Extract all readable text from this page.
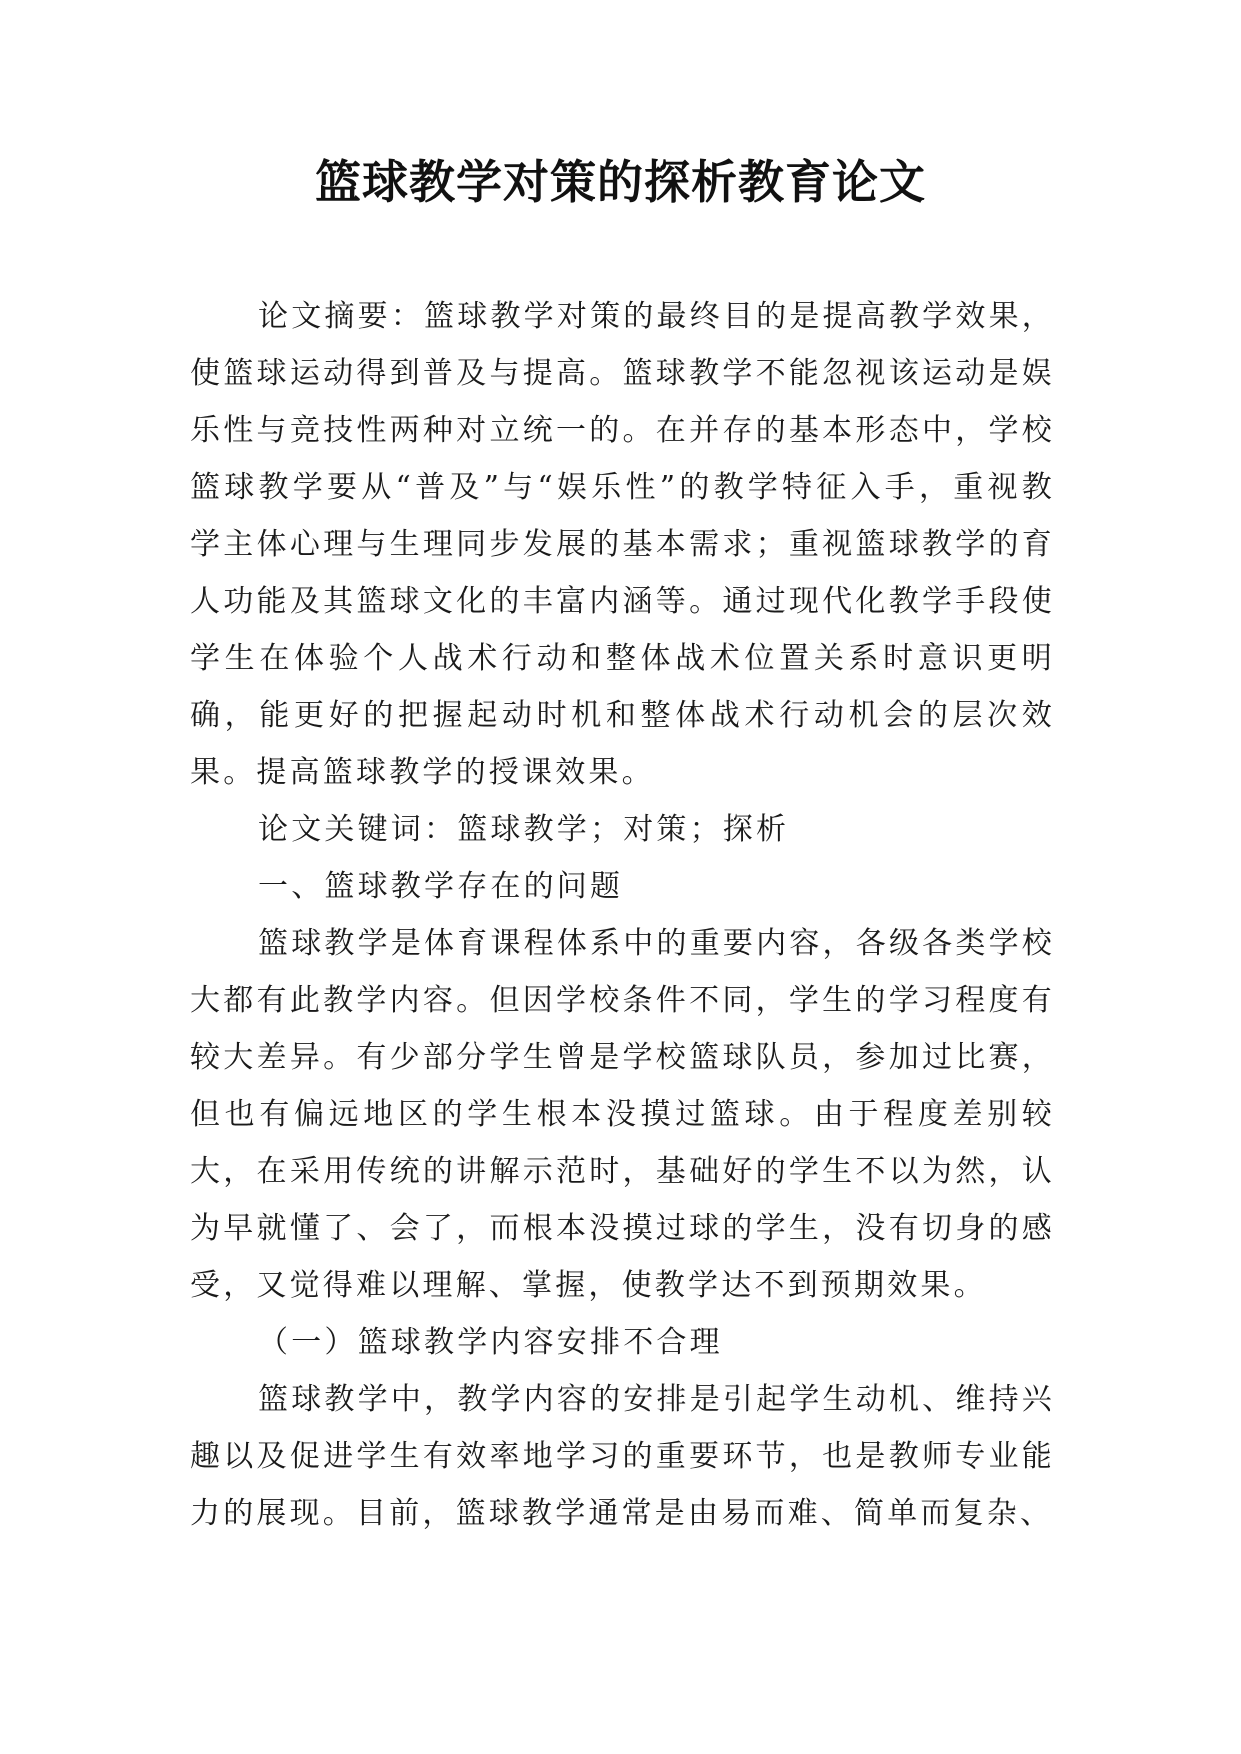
篮球教学对策的探析教育论文

论文摘要：篮球教学对策的最终目的是提高教学效果，使篮球运动得到普及与提高。篮球教学不能忽视该运动是娱乐性与竞技性两种对立统一的。在并存的基本形态中，学校篮球教学要从“普及”与“娱乐性”的教学特征入手，重视教学主体心理与生理同步发展的基本需求；重视篮球教学的育人功能及其篮球文化的丰富内涵等。通过现代化教学手段使学生在体验个人战术行动和整体战术位置关系时意识更明确，能更好的把握起动时机和整体战术行动机会的层次效果。提高篮球教学的授课效果。

论文关键词：篮球教学；对策；探析

一、篮球教学存在的问题

篮球教学是体育课程体系中的重要内容，各级各类学校大都有此教学内容。但因学校条件不同，学生的学习程度有较大差异。有少部分学生曾是学校篮球队员，参加过比赛，但也有偏远地区的学生根本没摸过篮球。由于程度差别较大，在采用传统的讲解示范时，基础好的学生不以为然，认为早就懂了、会了，而根本没摸过球的学生，没有切身的感受，又觉得难以理解、掌握，使教学达不到预期效果。

（一）篮球教学内容安排不合理

篮球教学中，教学内容的安排是引起学生动机、维持兴趣以及促进学生有效率地学习的重要环节，也是教师专业能力的展现。目前，篮球教学通常是由易而难、简单而复杂、
